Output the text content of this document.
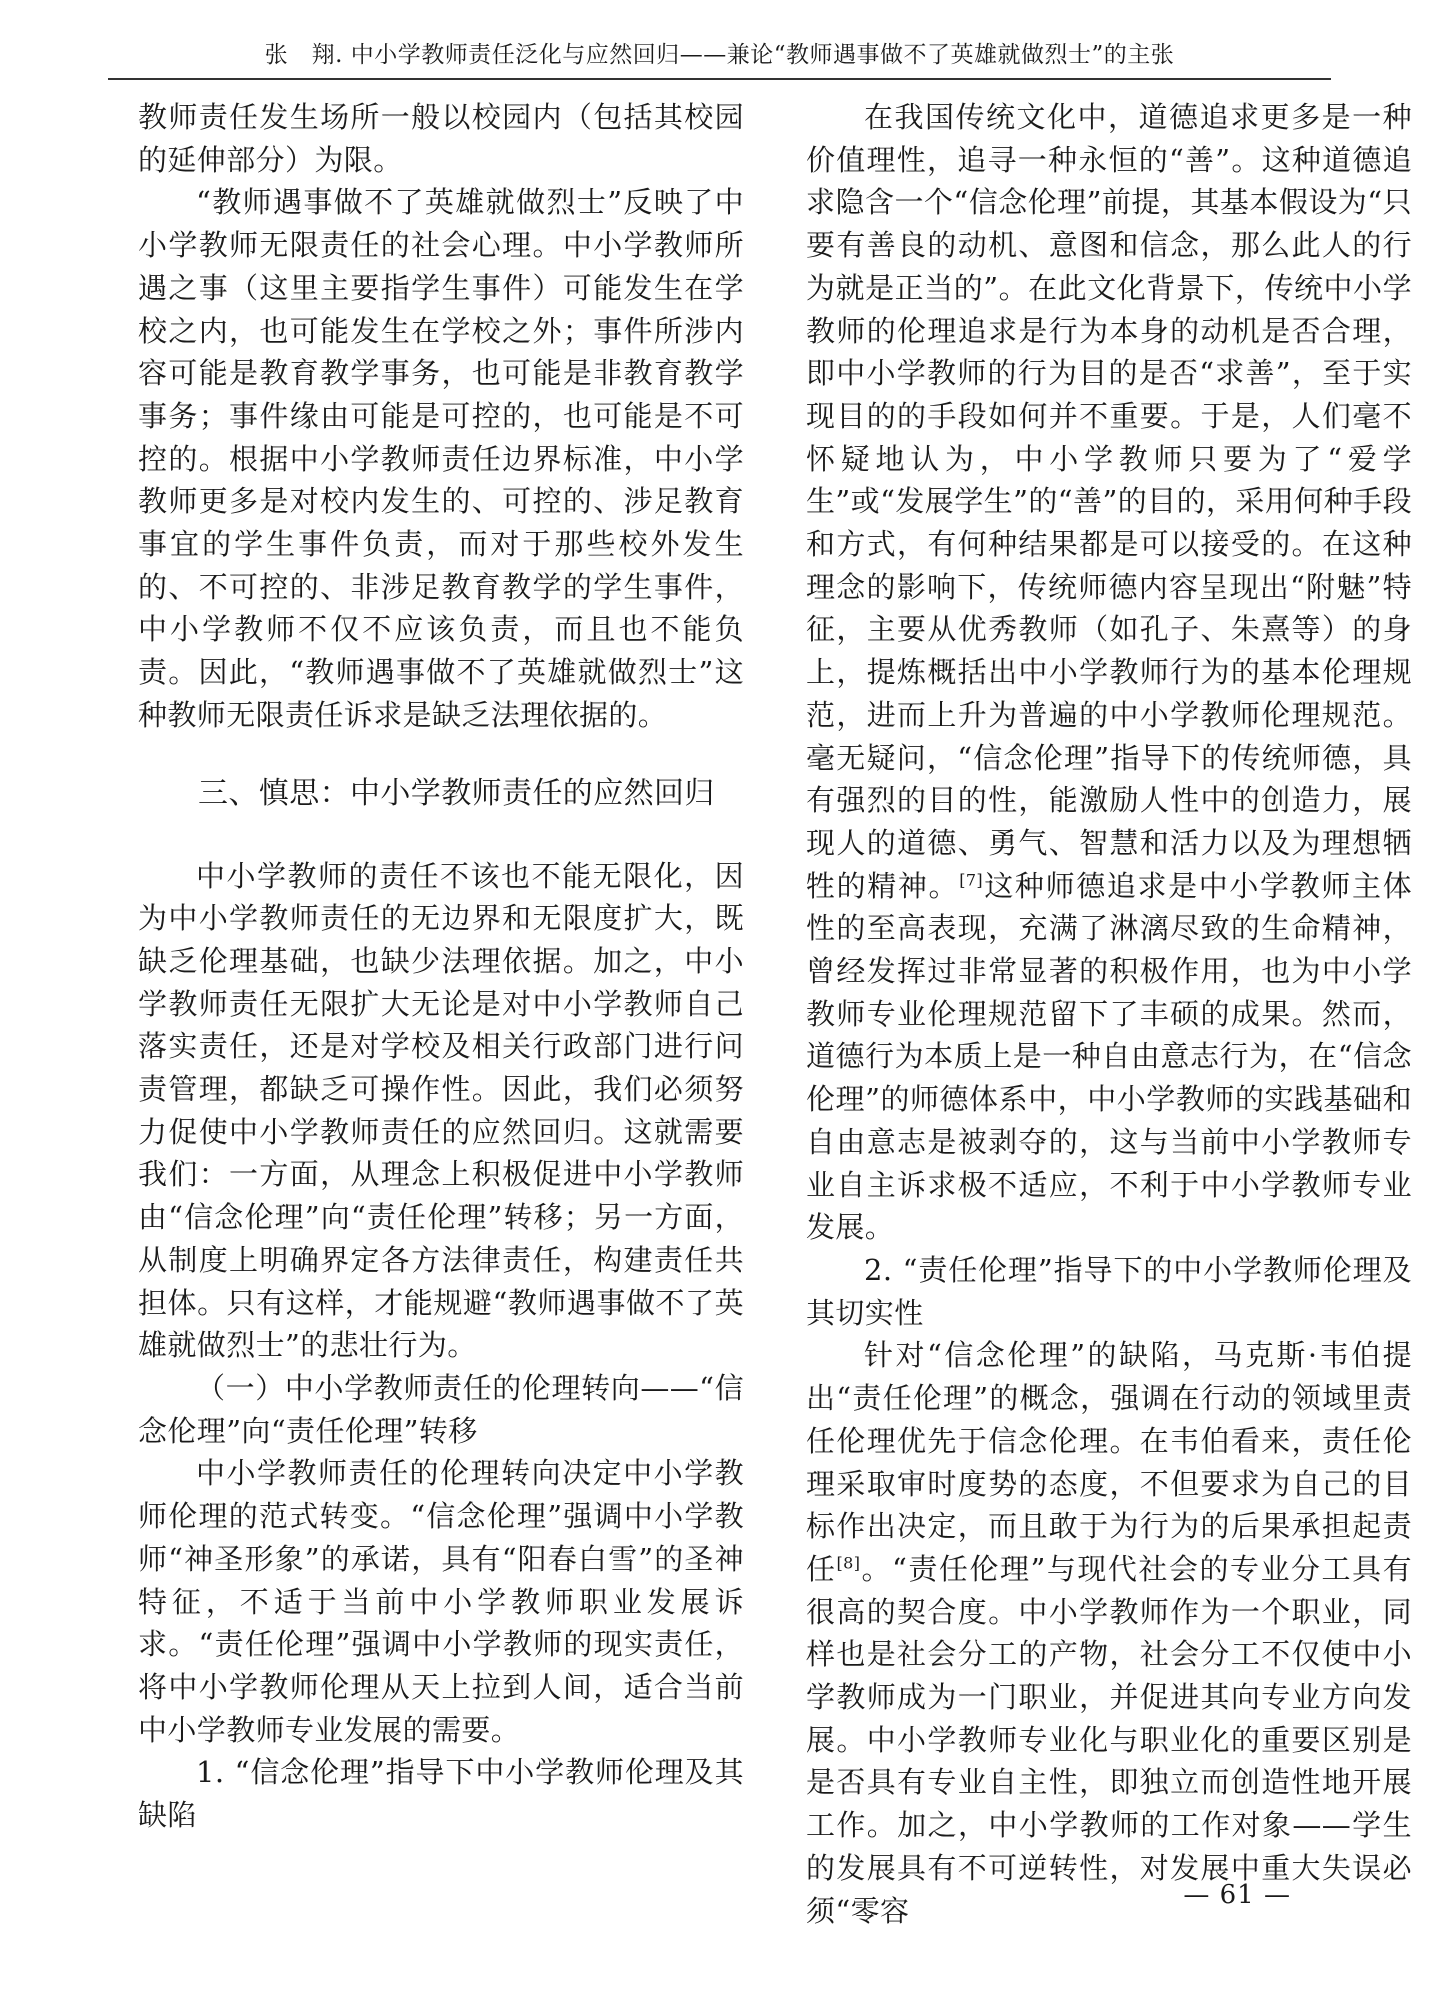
张　翔. 中小学教师责任泛化与应然回归——兼论“教师遇事做不了英雄就做烈士”的主张

教师责任发生场所一般以校园内（包括其校园的延伸部分）为限。

“教师遇事做不了英雄就做烈士”反映了中小学教师无限责任的社会心理。中小学教师所遇之事（这里主要指学生事件）可能发生在学校之内，也可能发生在学校之外；事件所涉内容可能是教育教学事务，也可能是非教育教学事务；事件缘由可能是可控的，也可能是不可控的。根据中小学教师责任边界标准，中小学教师更多是对校内发生的、可控的、涉足教育事宜的学生事件负责，而对于那些校外发生的、不可控的、非涉足教育教学的学生事件，中小学教师不仅不应该负责，而且也不能负责。因此，“教师遇事做不了英雄就做烈士”这种教师无限责任诉求是缺乏法理依据的。

三、慎思：中小学教师责任的应然回归

中小学教师的责任不该也不能无限化，因为中小学教师责任的无边界和无限度扩大，既缺乏伦理基础，也缺少法理依据。加之，中小学教师责任无限扩大无论是对中小学教师自己落实责任，还是对学校及相关行政部门进行问责管理，都缺乏可操作性。因此，我们必须努力促使中小学教师责任的应然回归。这就需要我们：一方面，从理念上积极促进中小学教师由“信念伦理”向“责任伦理”转移；另一方面，从制度上明确界定各方法律责任，构建责任共担体。只有这样，才能规避“教师遇事做不了英雄就做烈士”的悲壮行为。

（一）中小学教师责任的伦理转向——“信念伦理”向“责任伦理”转移

中小学教师责任的伦理转向决定中小学教师伦理的范式转变。“信念伦理”强调中小学教师“神圣形象”的承诺，具有“阳春白雪”的圣神特征，不适于当前中小学教师职业发展诉求。“责任伦理”强调中小学教师的现实责任，将中小学教师伦理从天上拉到人间，适合当前中小学教师专业发展的需要。

1. “信念伦理”指导下中小学教师伦理及其缺陷

在我国传统文化中，道德追求更多是一种价值理性，追寻一种永恒的“善”。这种道德追求隐含一个“信念伦理”前提，其基本假设为“只要有善良的动机、意图和信念，那么此人的行为就是正当的”。在此文化背景下，传统中小学教师的伦理追求是行为本身的动机是否合理，即中小学教师的行为目的是否“求善”，至于实现目的的手段如何并不重要。于是，人们毫不怀疑地认为，中小学教师只要为了“爱学生”或“发展学生”的“善”的目的，采用何种手段和方式，有何种结果都是可以接受的。在这种理念的影响下，传统师德内容呈现出“附魅”特征，主要从优秀教师（如孔子、朱熹等）的身上，提炼概括出中小学教师行为的基本伦理规范，进而上升为普遍的中小学教师伦理规范。毫无疑问，“信念伦理”指导下的传统师德，具有强烈的目的性，能激励人性中的创造力，展现人的道德、勇气、智慧和活力以及为理想牺牲的精神。[7]这种师德追求是中小学教师主体性的至高表现，充满了淋漓尽致的生命精神，曾经发挥过非常显著的积极作用，也为中小学教师专业伦理规范留下了丰硕的成果。然而，道德行为本质上是一种自由意志行为，在“信念伦理”的师德体系中，中小学教师的实践基础和自由意志是被剥夺的，这与当前中小学教师专业自主诉求极不适应，不利于中小学教师专业发展。

2. “责任伦理”指导下的中小学教师伦理及其切实性

针对“信念伦理”的缺陷，马克斯·韦伯提出“责任伦理”的概念，强调在行动的领域里责任伦理优先于信念伦理。在韦伯看来，责任伦理采取审时度势的态度，不但要求为自己的目标作出决定，而且敢于为行为的后果承担起责任[8]。“责任伦理”与现代社会的专业分工具有很高的契合度。中小学教师作为一个职业，同样也是社会分工的产物，社会分工不仅使中小学教师成为一门职业，并促进其向专业方向发展。中小学教师专业化与职业化的重要区别是是否具有专业自主性，即独立而创造性地开展工作。加之，中小学教师的工作对象——学生的发展具有不可逆转性，对发展中重大失误必须“零容	— 61 —
